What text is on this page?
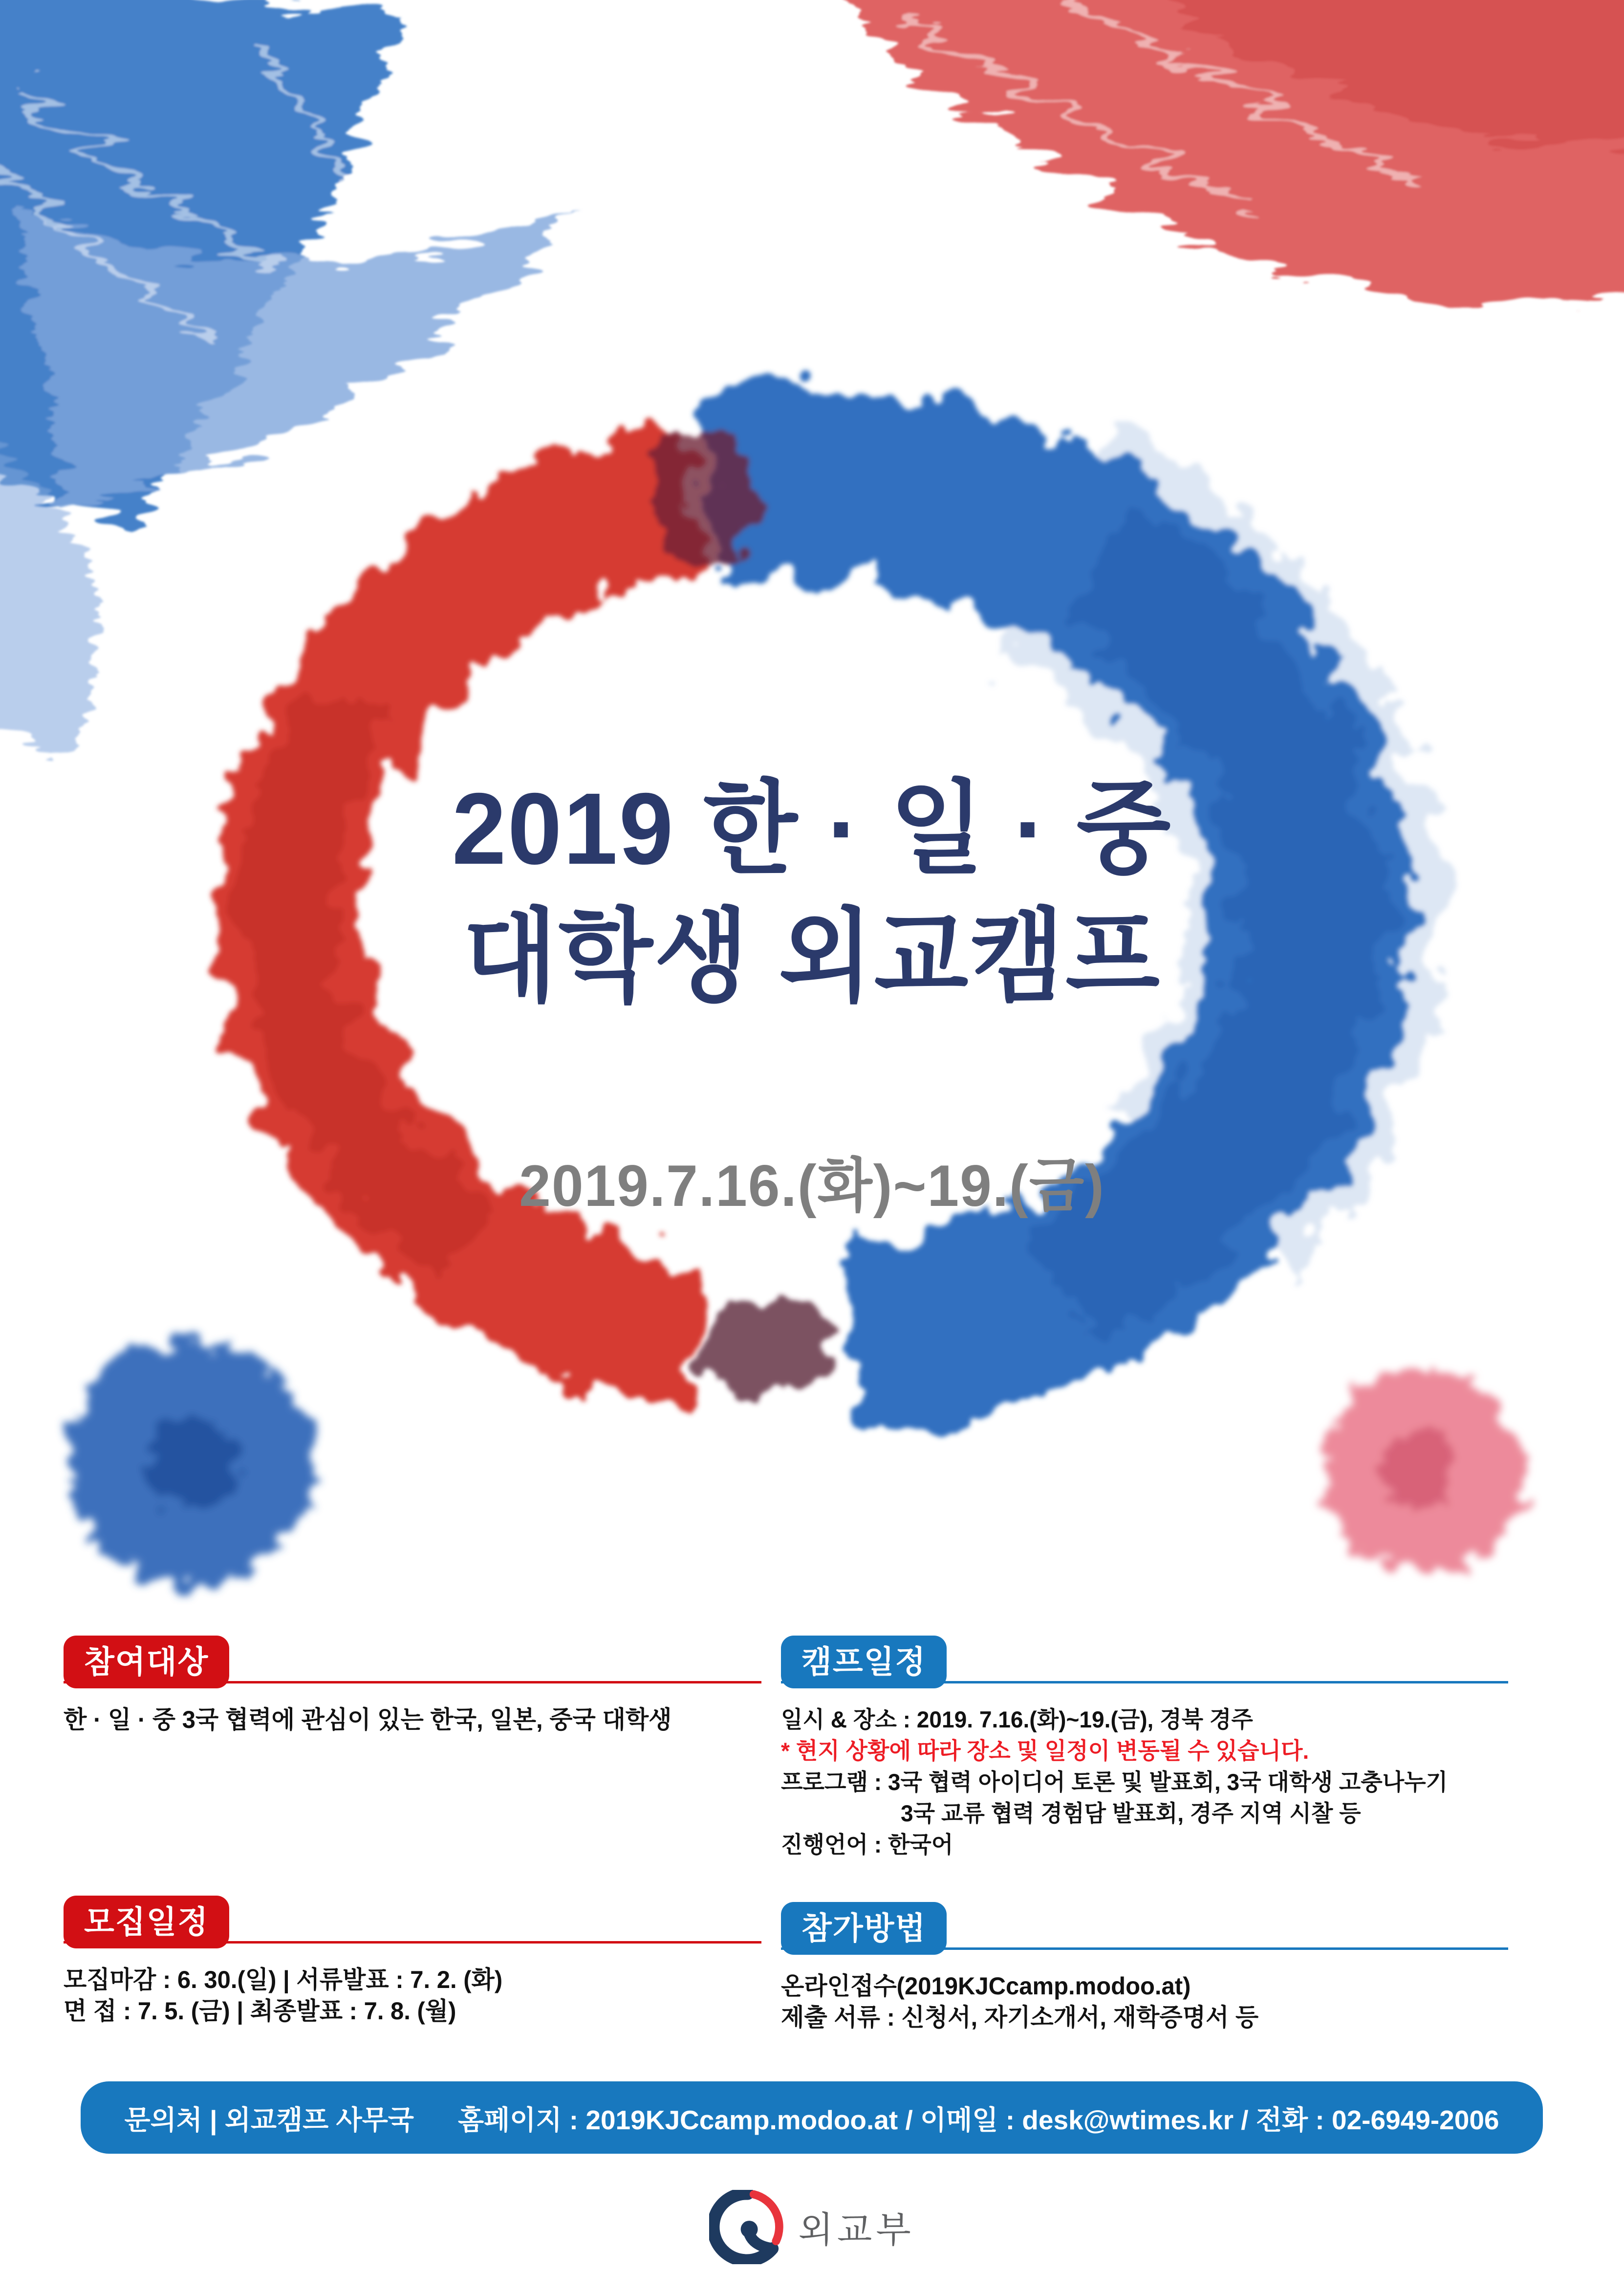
2019 한 · 일 · 중
대학생 외교캠프
2019.7.16.(화)~19.(금)
참여대상
한 · 일 · 중 3국 협력에 관심이 있는 한국, 일본, 중국 대학생
캠프일정
일시 & 장소 : 2019. 7.16.(화)~19.(금), 경북 경주
* 현지 상황에 따라 장소 및 일정이 변동될 수 있습니다.
프로그램 : 3국 협력 아이디어 토론 및 발표회, 3국 대학생 고충나누기
3국 교류 협력 경험담 발표회, 경주 지역 시찰 등
진행언어 : 한국어
모집일정
모집마감 : 6. 30.(일) | 서류발표 : 7. 2. (화)
면 접 : 7. 5. (금) | 최종발표 : 7. 8. (월)
참가방법
온라인접수(2019KJCcamp.modoo.at)
제출 서류 : 신청서, 자기소개서, 재학증명서 등
문의처 | 외교캠프 사무국 홈페이지 : 2019KJCcamp.modoo.at / 이메일 : desk@wtimes.kr / 전화 : 02-6949-2006
외교부
